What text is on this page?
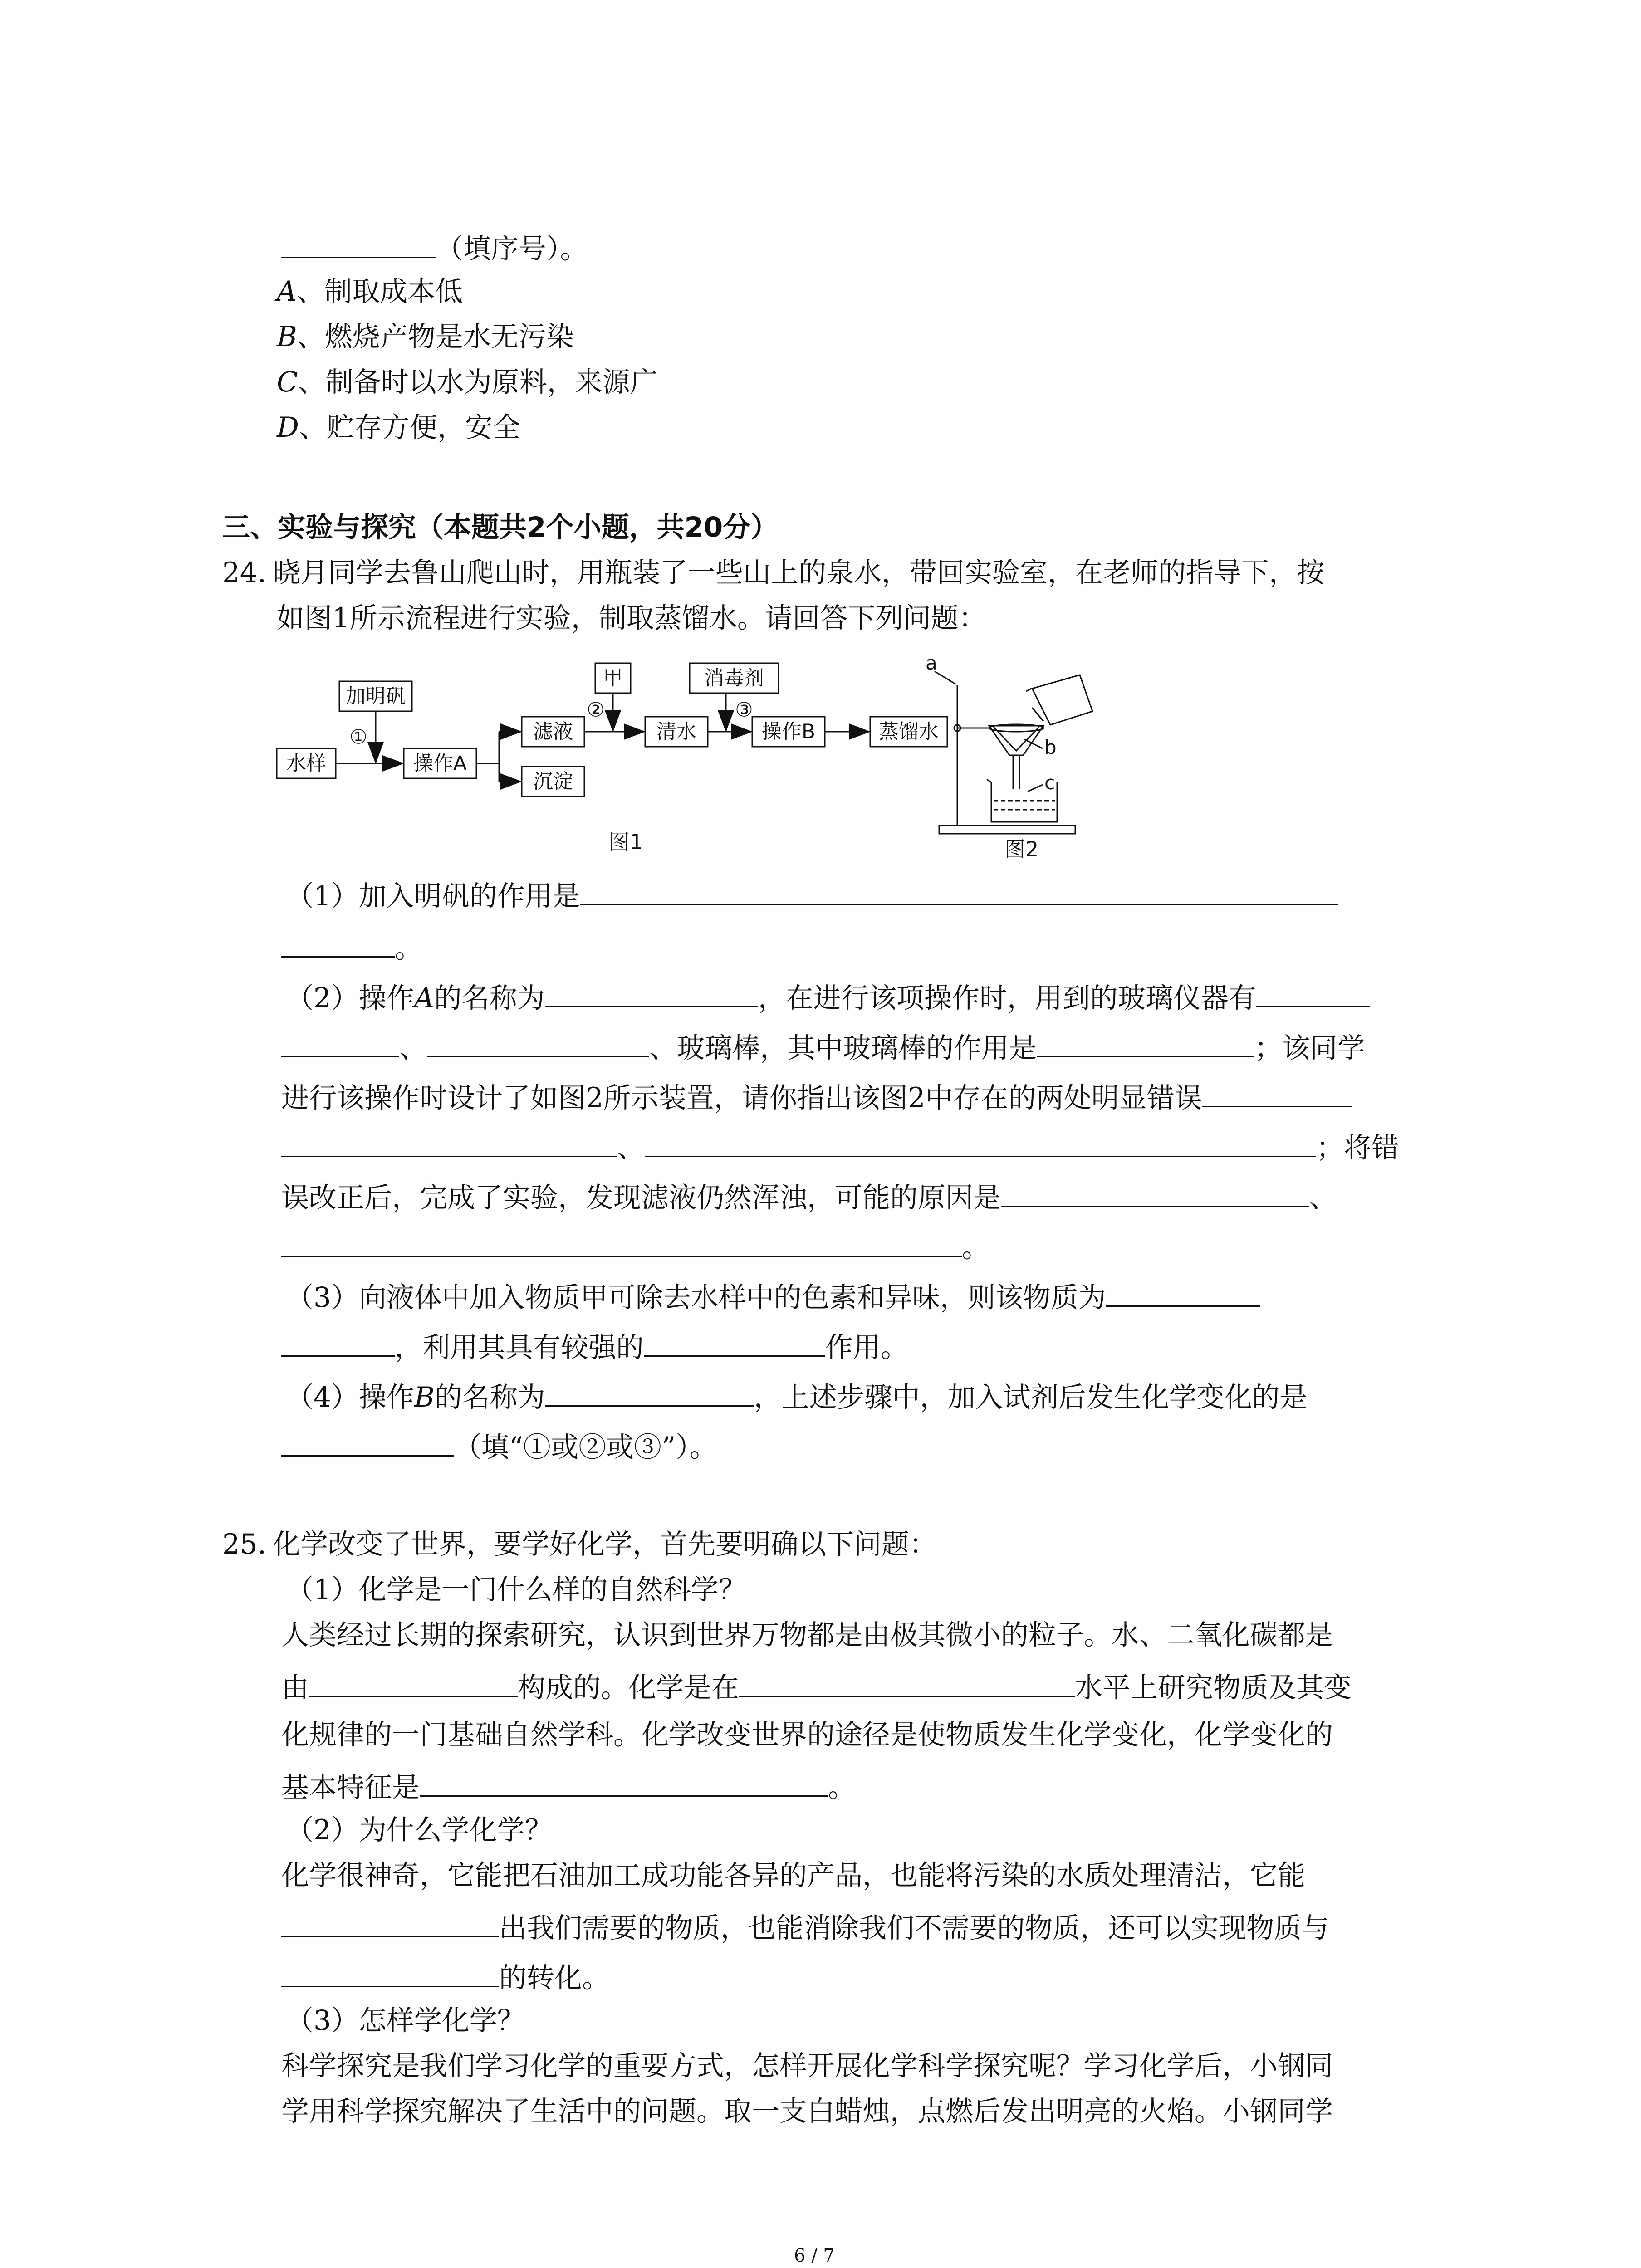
（填序号）。
A、制取成本低
B、燃烧产物是水无污染
C、制备时以水为原料，来源广
D、贮存方便，安全
三、实验与探究（本题共2个小题，共20分）
24. 晓月同学去鲁山爬山时，用瓶装了一些山上的泉水，带回实验室，在老师的指导下，按
如图1所示流程进行实验，制取蒸馏水。请回答下列问题：
水样
加明矾
①
操作A
滤液
沉淀
甲
②
清水
消毒剂
③
操作B	蒸馏水
图1
a
b
c
图2
（1）加入明矾的作用是
。
（2）操作A的名称为	，在进行该项操作时，用到的玻璃仪器有
、	、玻璃棒，其中玻璃棒的作用是	；该同学
进行该操作时设计了如图2所示装置，请你指出该图2中存在的两处明显错误
、	；将错
误改正后，完成了实验，发现滤液仍然浑浊，可能的原因是	、
。
（3）向液体中加入物质甲可除去水样中的色素和异味，则该物质为
，利用其具有较强的	作用。
（4）操作B的名称为	，上述步骤中，加入试剂后发生化学变化的是
（填“①或②或③”）。
25. 化学改变了世界，要学好化学，首先要明确以下问题：
（1）化学是一门什么样的自然科学？
人类经过长期的探索研究，认识到世界万物都是由极其微小的粒子。水、二氧化碳都是
由	构成的。化学是在	水平上研究物质及其变
化规律的一门基础自然学科。化学改变世界的途径是使物质发生化学变化，化学变化的
基本特征是	。
（2）为什么学化学？
化学很神奇，它能把石油加工成功能各异的产品，也能将污染的水质处理清洁，它能
出我们需要的物质，也能消除我们不需要的物质，还可以实现物质与
的转化。
（3）怎样学化学？
科学探究是我们学习化学的重要方式，怎样开展化学科学探究呢？学习化学后，小钢同
学用科学探究解决了生活中的问题。取一支白蜡烛，点燃后发出明亮的火焰。小钢同学
6 / 7
